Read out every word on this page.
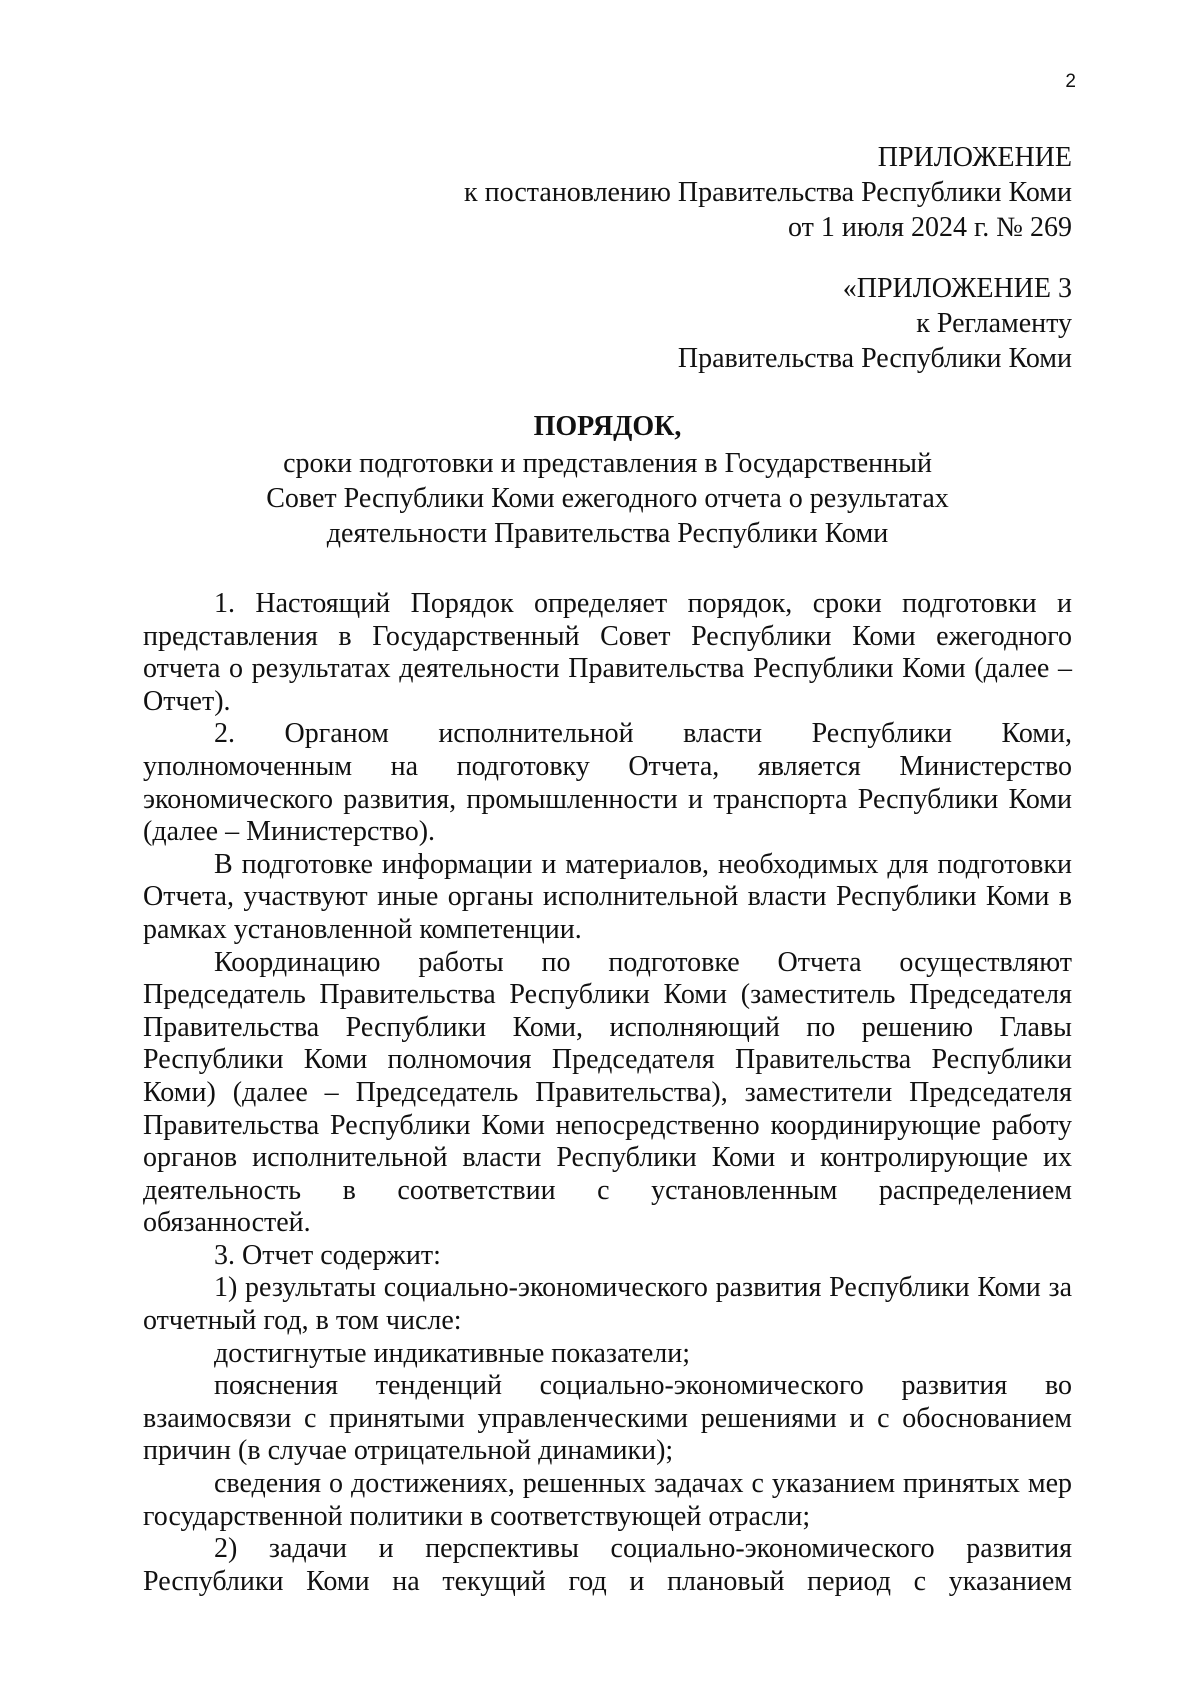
2

ПРИЛОЖЕНИЕ

к постановлению Правительства Республики Коми

от 1 июля 2024 г. № 269

«ПРИЛОЖЕНИЕ 3

к Регламенту

Правительства Республики Коми

ПОРЯДОК,

сроки подготовки и представления в Государственный

Совет Республики Коми ежегодного отчета о результатах

деятельности Правительства Республики Коми

1. Настоящий Порядок определяет порядок, сроки подготовки и представления в Государственный Совет Республики Коми ежегодного отчета о результатах деятельности Правительства Республики Коми (далее – Отчет).

2. Органом исполнительной власти Республики Коми, уполномоченным на подготовку Отчета, является Министерство экономического развития, промышленности и транспорта Республики Коми (далее – Министерство).

В подготовке информации и материалов, необходимых для подготовки Отчета, участвуют иные органы исполнительной власти Республики Коми в рамках установленной компетенции.

Координацию работы по подготовке Отчета осуществляют Председатель Правительства Республики Коми (заместитель Председателя Правительства Республики Коми, исполняющий по решению Главы Республики Коми полномочия Председателя Правительства Республики Коми) (далее – Председатель Правительства), заместители Председателя Правительства Республики Коми непосредственно координирующие работу органов исполнительной власти Республики Коми и контролирующие их деятельность в соответствии с установленным распределением обязанностей.

3. Отчет содержит:

1) результаты социально-экономического развития Республики Коми за отчетный год, в том числе:

достигнутые индикативные показатели;

пояснения тенденций социально-экономического развития во взаимосвязи с принятыми управленческими решениями и с обоснованием причин (в случае отрицательной динамики);

сведения о достижениях, решенных задачах с указанием принятых мер государственной политики в соответствующей отрасли;

2) задачи и перспективы социально-экономического развития Республики Коми на текущий год и плановый период с указанием
